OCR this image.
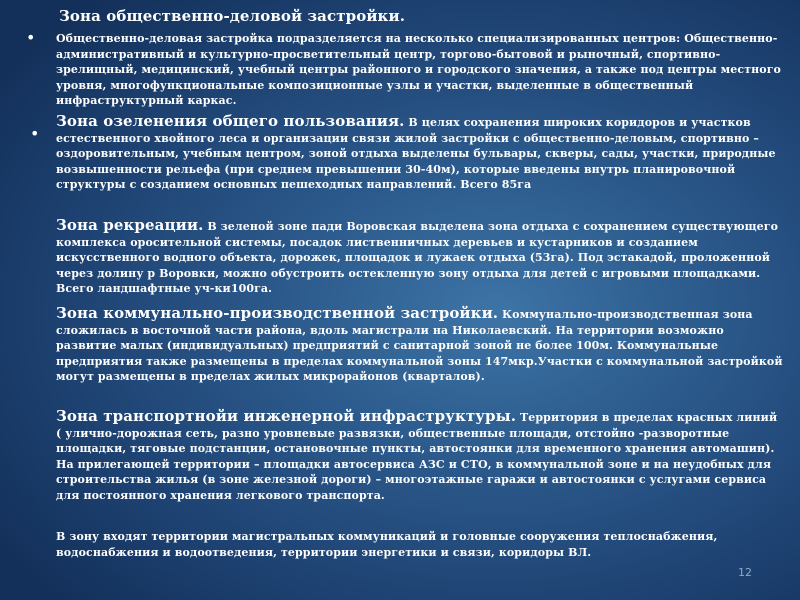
Зона общественно-деловой застройки.
• Общественно-деловая застройка подразделяется на несколько специализированных центров: Общественно-административный и культурно-просветительный центр, торгово-бытовой и рыночный, спортивно-зрелищный, медицинский, учебный центры районного и городского значения, а также под центры местного уровня, многофункциональные композиционные узлы и участки, выделенные в общественный инфраструктурный каркас.
•
Зона озеленения общего пользования. В целях сохранения широких коридоров и участков естественного хвойного леса и организации связи жилой застройки с общественно-деловым, спортивно – оздоровительным, учебным центром, зоной отдыха выделены бульвары, скверы, сады, участки, природные возвышенности рельефа (при среднем превышении 30-40м), которые введены внутрь планировочной структуры с созданием основных пешеходных направлений. Всего 85га
Зона рекреации. В зеленой зоне пади Воровская выделена зона отдыха с сохранением существующего комплекса оросительной системы, посадок лиственничных деревьев и кустарников и созданием искусственного водного объекта, дорожек, площадок и лужаек отдыха (53га). Под эстакадой, проложенной через долину р Воровки, можно обустроить остекленную зону отдыха для детей с игровыми площадками. Всего ландшафтные уч-ки100га.
Зона коммунально-производственной застройки. Коммунально-производственная зона сложилась в восточной части района, вдоль магистрали на Николаевский. На территории возможно развитие малых (индивидуальных) предприятий с санитарной зоной не более 100м. Коммунальные предприятия также размещены в пределах коммунальной зоны 147мкр.Участки с коммунальной застройкой могут размещены в пределах жилых микрорайонов (кварталов).
Зона транспортнойи инженерной инфраструктуры. Территория в пределах красных линий ( улично-дорожная сеть, разно уровневые развязки, общественные площади, отстойно -разворотные площадки, тяговые подстанции, остановочные пункты, автостоянки для временного хранения автомашин). На прилегающей территории – площадки автосервиса АЗС и СТО, в коммунальной зоне и на неудобных для строительства жилья (в зоне железной дороги) – многоэтажные гаражи и автостоянки с услугами сервиса для постоянного хранения легкового транспорта.
В зону входят территории магистральных коммуникаций и головные сооружения теплоснабжения, водоснабжения и водоотведения, территории энергетики и связи, коридоры ВЛ.
12
